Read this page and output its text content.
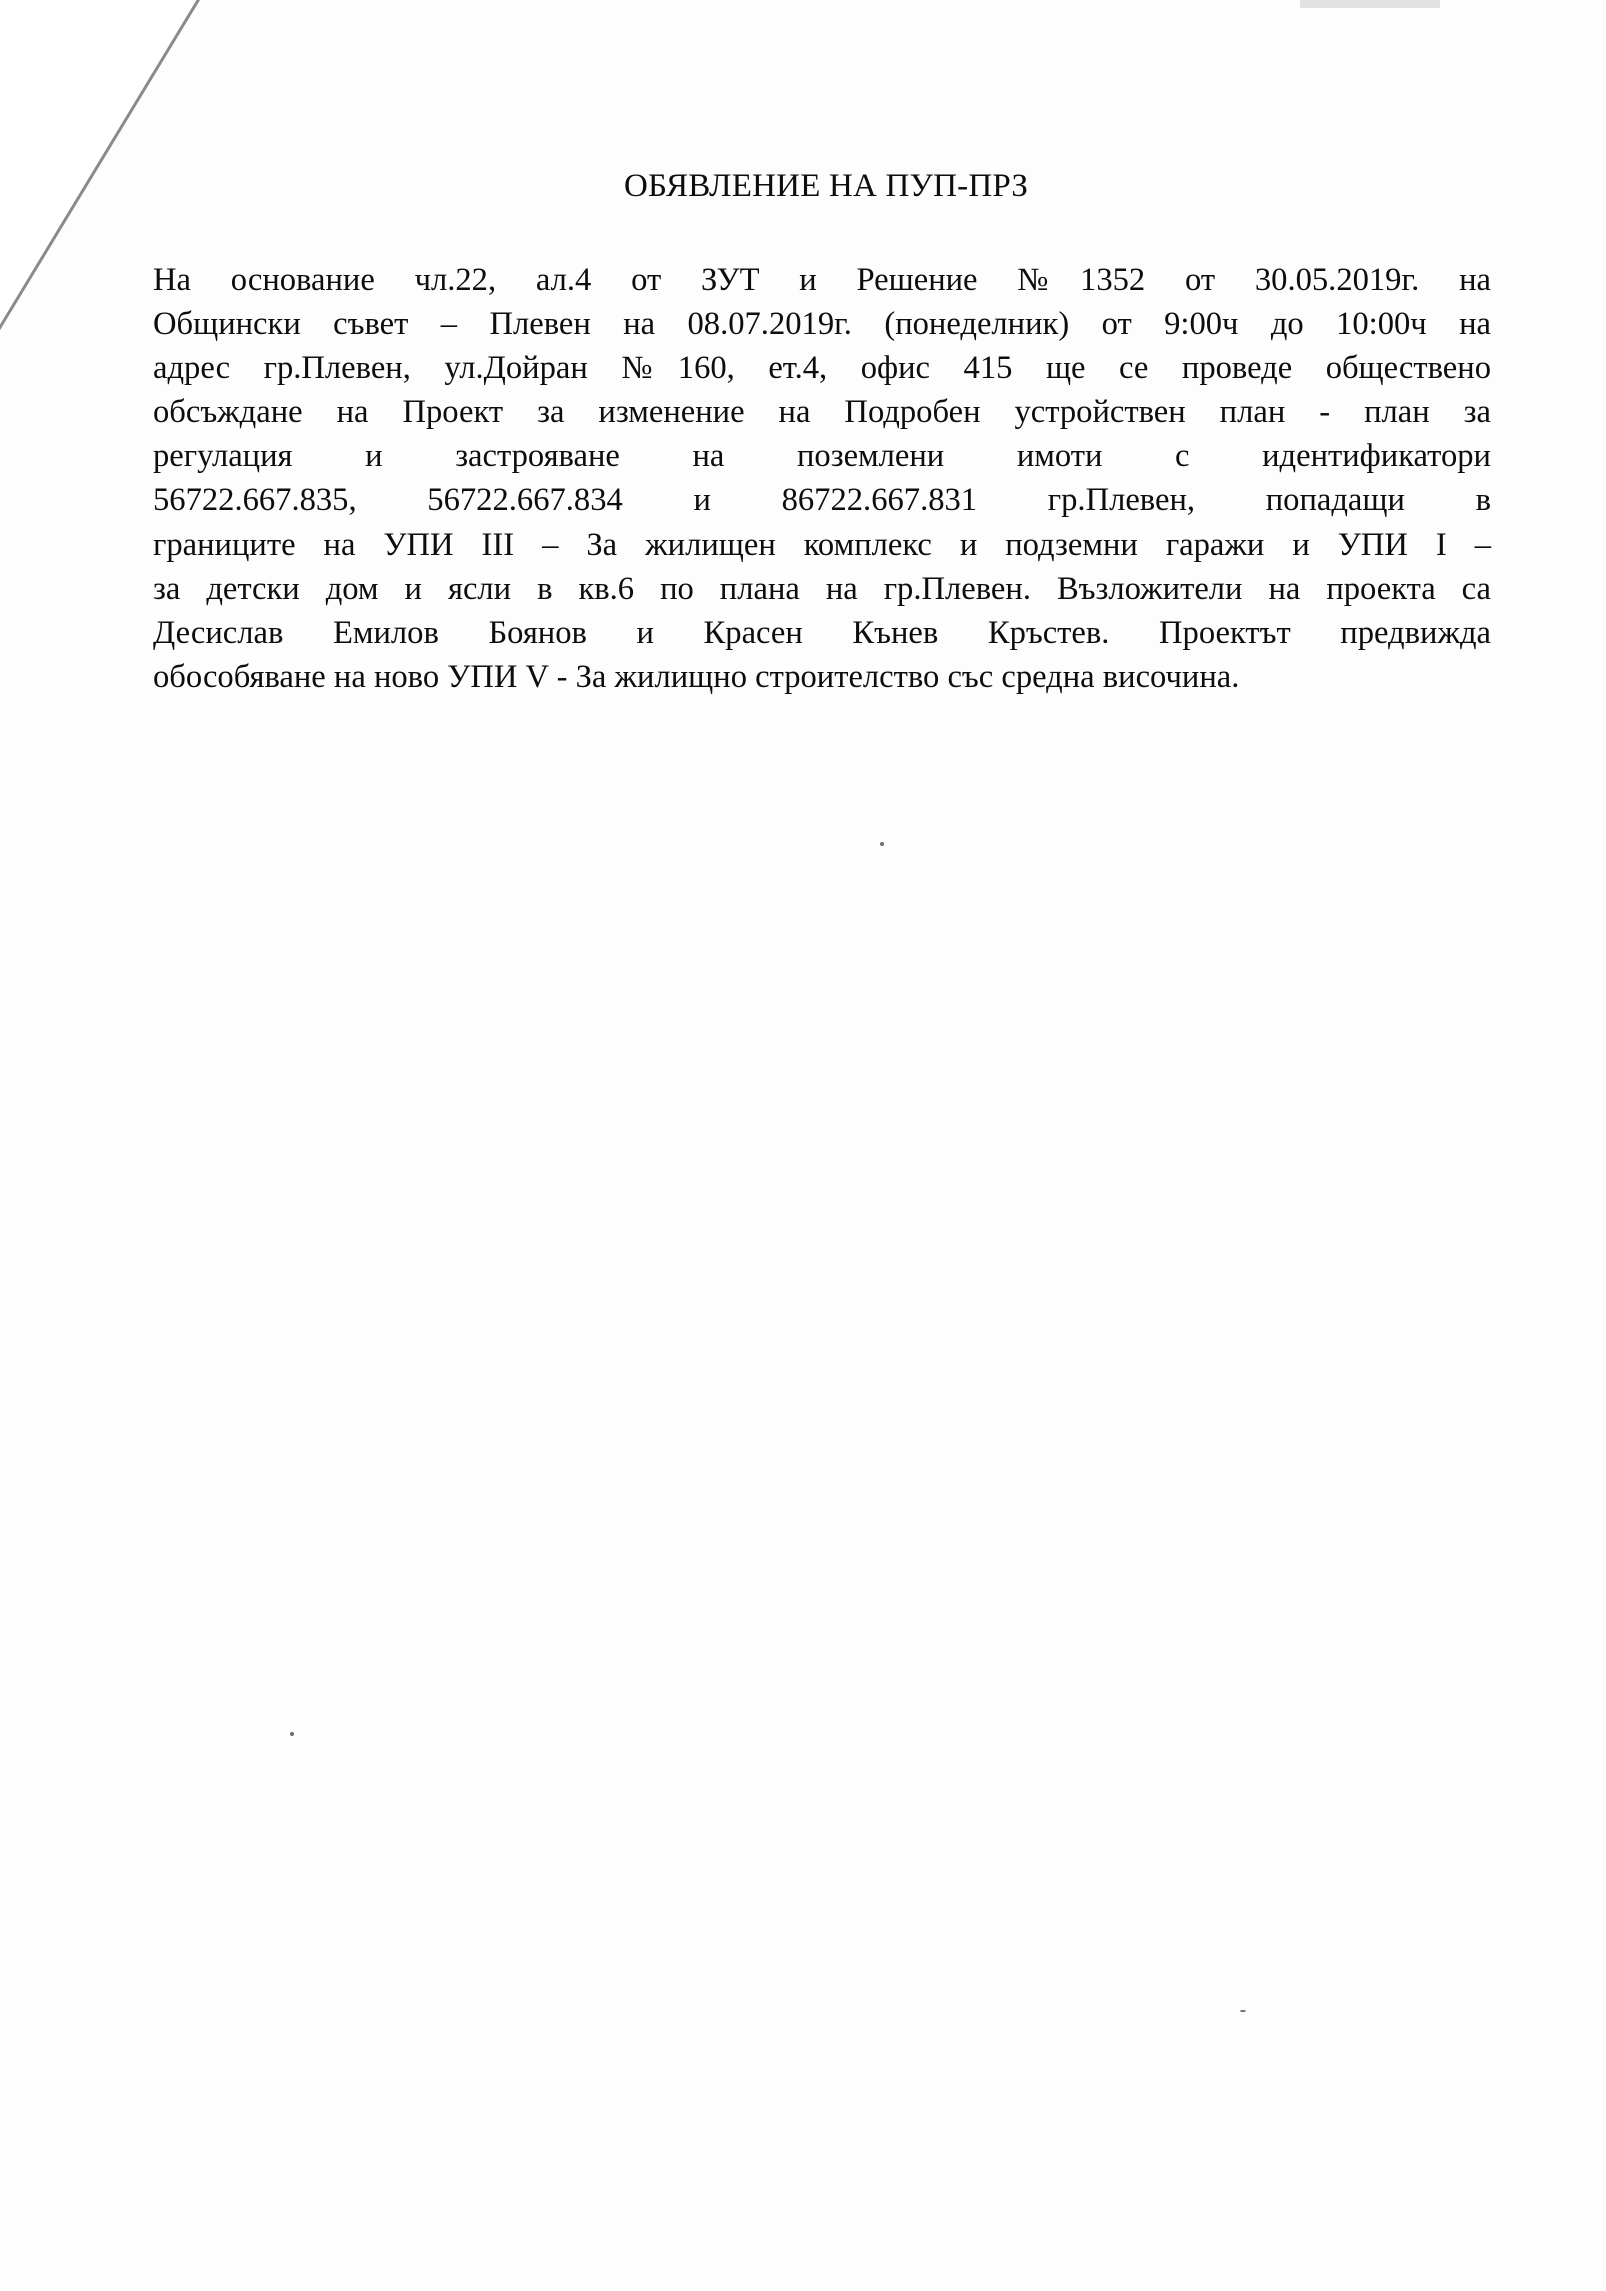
ОБЯВЛЕНИЕ НА ПУП-ПРЗ
На основание чл.22, ал.4 от ЗУТ и Решение №1352 от 30.05.2019г. на
Общински съвет – Плевен на 08.07.2019г. (понеделник) от 9:00ч до 10:00ч на
адрес гр.Плевен, ул.Дойран №160, ет.4, офис 415 ще се проведе обществено
обсъждане на Проект за изменение на Подробен устройствен план - план за
регулация и застрояване на поземлени имоти с идентификатори
56722.667.835, 56722.667.834 и 86722.667.831 гр.Плевен, попадащи в
границите на УПИ III – За жилищен комплекс и подземни гаражи и УПИ I –
за детски дом и ясли в кв.6 по плана на гр.Плевен. Възложители на проекта са
Десислав Емилов Боянов и Красен Кънев Кръстев. Проектът предвижда
обособяване на ново УПИ V - За жилищно строителство със средна височина.
